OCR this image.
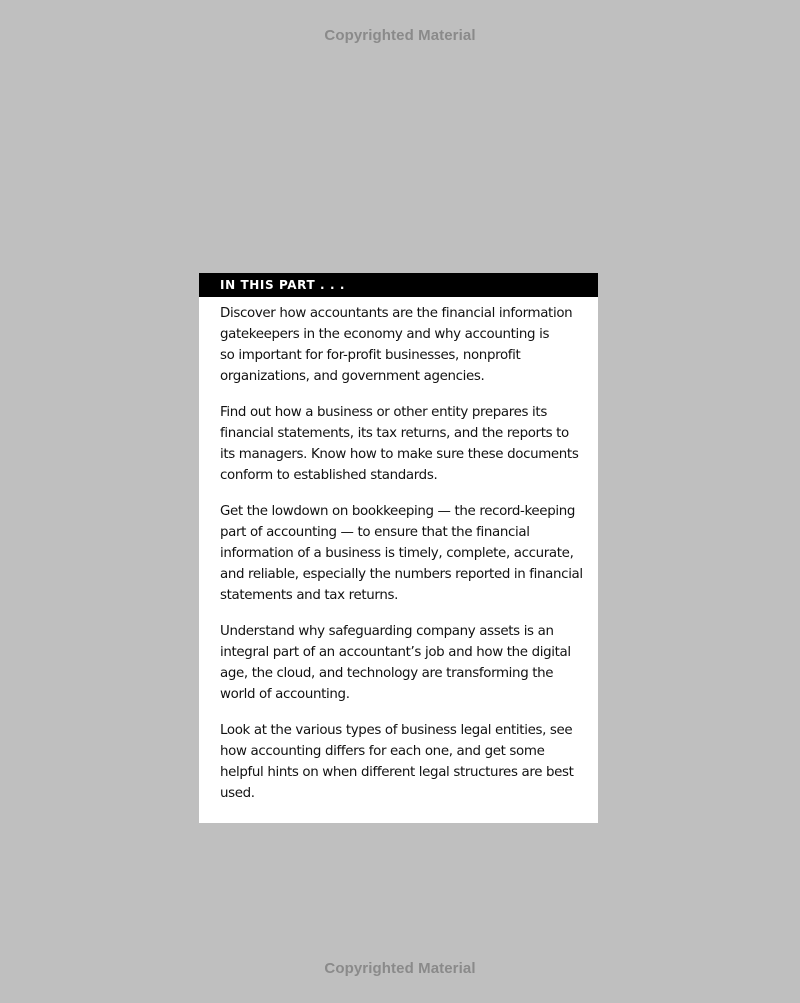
Copyrighted Material
IN THIS PART . . .

Discover how accountants are the financial information
gatekeepers in the economy and why accounting is
so important for for-profit businesses, nonprofit
organizations, and government agencies.

Find out how a business or other entity prepares its
financial statements, its tax returns, and the reports to
its managers. Know how to make sure these documents
conform to established standards.

Get the lowdown on bookkeeping — the record-keeping
part of accounting — to ensure that the financial
information of a business is timely, complete, accurate,
and reliable, especially the numbers reported in financial
statements and tax returns.

Understand why safeguarding company assets is an
integral part of an accountant’s job and how the digital
age, the cloud, and technology are transforming the
world of accounting.

Look at the various types of business legal entities, see
how accounting differs for each one, and get some
helpful hints on when different legal structures are best
used.

Copyrighted Material
